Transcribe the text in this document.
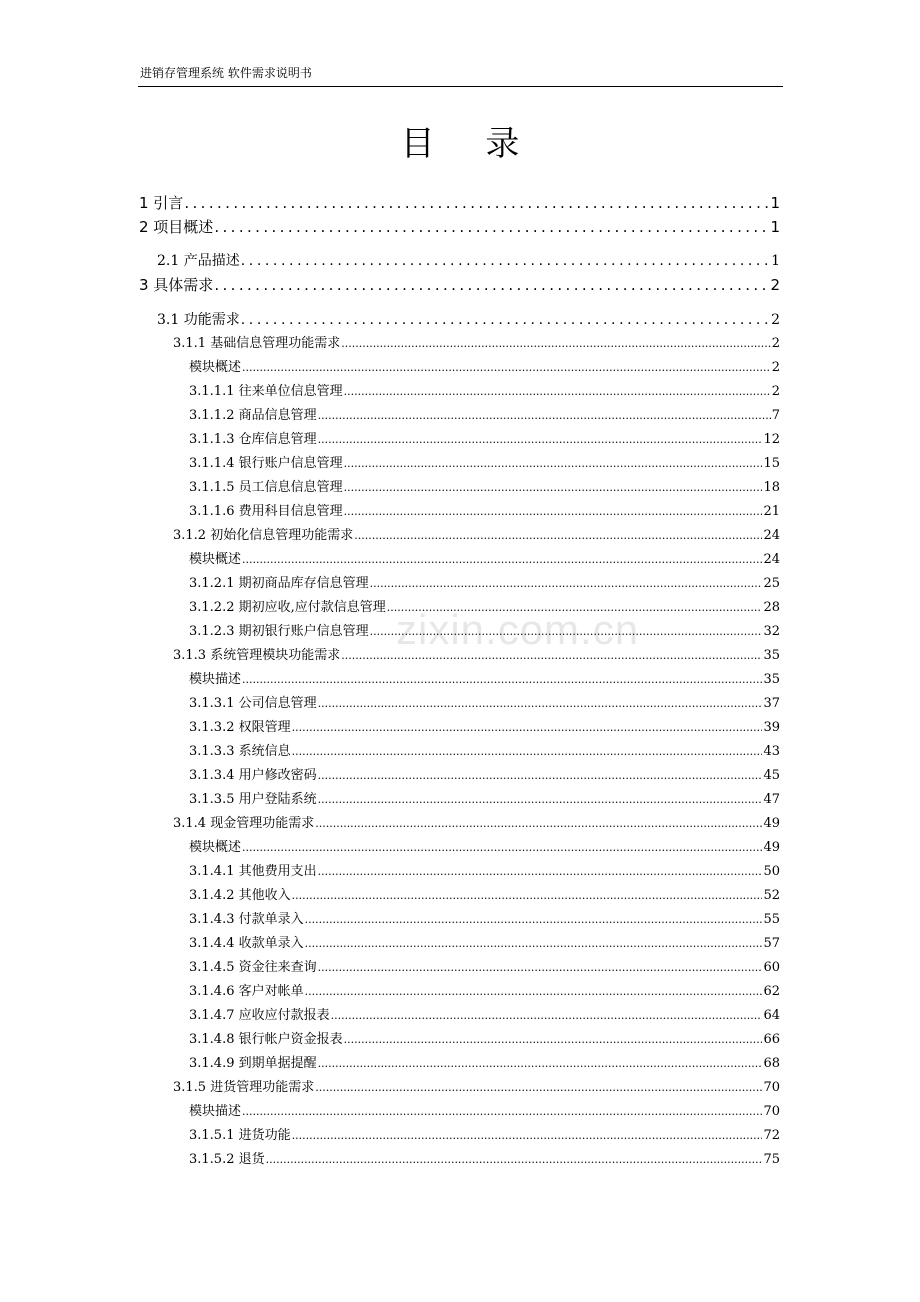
进销存管理系统 软件需求说明书
目 录
zixin.com.cn
1 引言 .....	1
2 项目概述 .....	1
2.1 产品描述 .....	1
3 具体需求 .....	2
3.1 功能需求 .....	2
3.1.1 基础信息管理功能需求 .....	2
模块概述 .....	2
3.1.1.1 往来单位信息管理 .....	2
3.1.1.2 商品信息管理 .....	7
3.1.1.3 仓库信息管理 .....	12
3.1.1.4 银行账户信息管理 .....	15
3.1.1.5 员工信息信息管理 .....	18
3.1.1.6 费用科目信息管理 .....	21
3.1.2 初始化信息管理功能需求 .....	24
模块概述 .....	24
3.1.2.1 期初商品库存信息管理 .....	25
3.1.2.2 期初应收,应付款信息管理 .....	28
3.1.2.3 期初银行账户信息管理 .....	32
3.1.3 系统管理模块功能需求 .....	35
模块描述 .....	35
3.1.3.1 公司信息管理 .....	37
3.1.3.2 权限管理 .....	39
3.1.3.3 系统信息 .....	43
3.1.3.4 用户修改密码 .....	45
3.1.3.5 用户登陆系统 .....	47
3.1.4 现金管理功能需求 .....	49
模块概述 .....	49
3.1.4.1 其他费用支出 .....	50
3.1.4.2 其他收入 .....	52
3.1.4.3 付款单录入 .....	55
3.1.4.4 收款单录入 .....	57
3.1.4.5 资金往来查询 .....	60
3.1.4.6 客户对帐单 .....	62
3.1.4.7 应收应付款报表 .....	64
3.1.4.8 银行帐户资金报表 .....	66
3.1.4.9 到期单据提醒 .....	68
3.1.5 进货管理功能需求 .....	70
模块描述 .....	70
3.1.5.1 进货功能 .....	72
3.1.5.2 退货 .....	75
